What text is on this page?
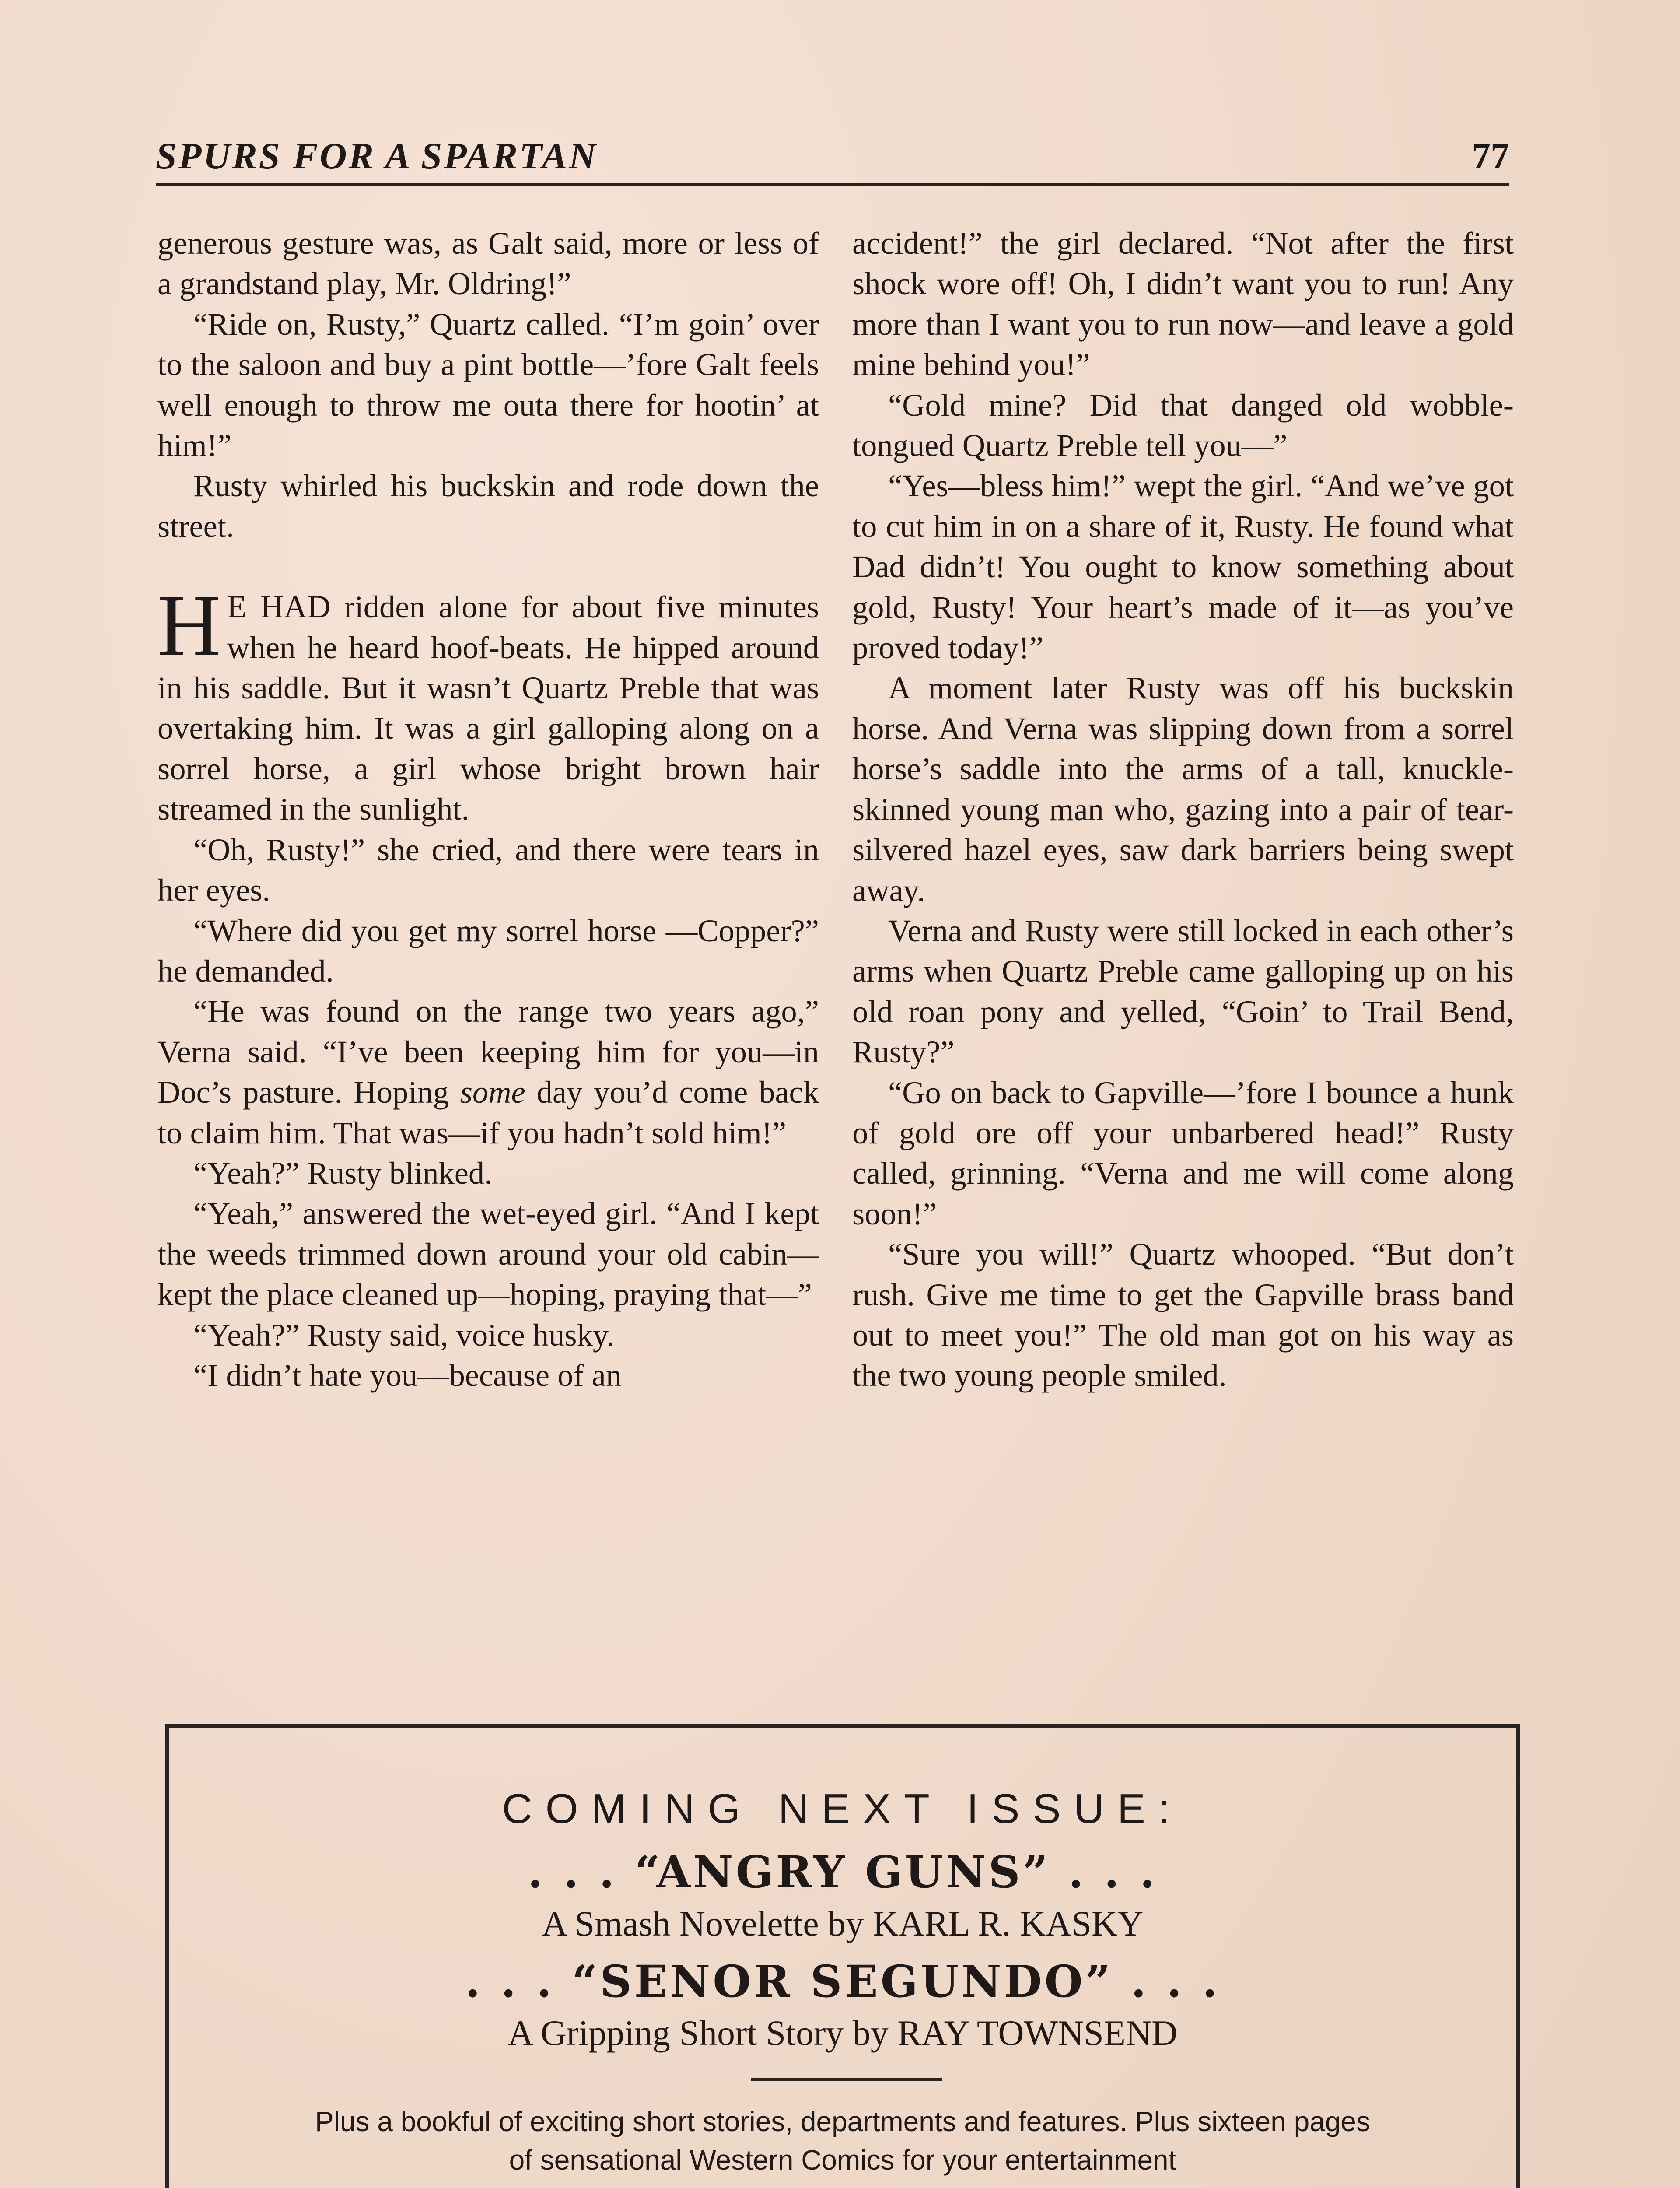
SPURS FOR A SPARTAN	77

generous gesture was, as Galt said, more or less of a grandstand play, Mr. Oldring!”

“Ride on, Rusty,” Quartz called. “I’m goin’ over to the saloon and buy a pint bottle—’fore Galt feels well enough to throw me outa there for hootin’ at him!”

Rusty whirled his buckskin and rode down the street.

H E HAD ridden alone for about five minutes when he heard hoof-beats. He hipped around in his saddle. But it wasn’t Quartz Preble that was overtaking him. It was a girl galloping along on a sorrel horse, a girl whose bright brown hair streamed in the sunlight.

“Oh, Rusty!” she cried, and there were tears in her eyes.

“Where did you get my sorrel horse —Copper?” he demanded.

“He was found on the range two years ago,” Verna said. “I’ve been keeping him for you—in Doc’s pasture. Hoping some day you’d come back to claim him. That was—if you hadn’t sold him!”

“Yeah?” Rusty blinked.

“Yeah,” answered the wet-eyed girl. “And I kept the weeds trimmed down around your old cabin—kept the place cleaned up—hoping, praying that—”

“Yeah?” Rusty said, voice husky.

“I didn’t hate you—because of an

accident!” the girl declared. “Not after the first shock wore off! Oh, I didn’t want you to run! Any more than I want you to run now—and leave a gold mine behind you!”

“Gold mine? Did that danged old wobble-tongued Quartz Preble tell you—”

“Yes—bless him!” wept the girl. “And we’ve got to cut him in on a share of it, Rusty. He found what Dad didn’t! You ought to know something about gold, Rusty! Your heart’s made of it—as you’ve proved today!”

A moment later Rusty was off his buckskin horse. And Verna was slipping down from a sorrel horse’s saddle into the arms of a tall, knuckle-skinned young man who, gazing into a pair of tear-silvered hazel eyes, saw dark barriers being swept away.

Verna and Rusty were still locked in each other’s arms when Quartz Preble came galloping up on his old roan pony and yelled, “Goin’ to Trail Bend, Rusty?”

“Go on back to Gapville—’fore I bounce a hunk of gold ore off your unbarbered head!” Rusty called, grinning. “Verna and me will come along soon!”

“Sure you will!” Quartz whooped. “But don’t rush. Give me time to get the Gapville brass band out to meet you!” The old man got on his way as the two young people smiled.

COMING NEXT ISSUE:
. . . “ANGRY GUNS” . . .
A Smash Novelette by KARL R. KASKY
. . . “SENOR SEGUNDO” . . .
A Gripping Short Story by RAY TOWNSEND
Plus a bookful of exciting short stories, departments and features. Plus sixteen pages of sensational Western Comics for your entertainment
